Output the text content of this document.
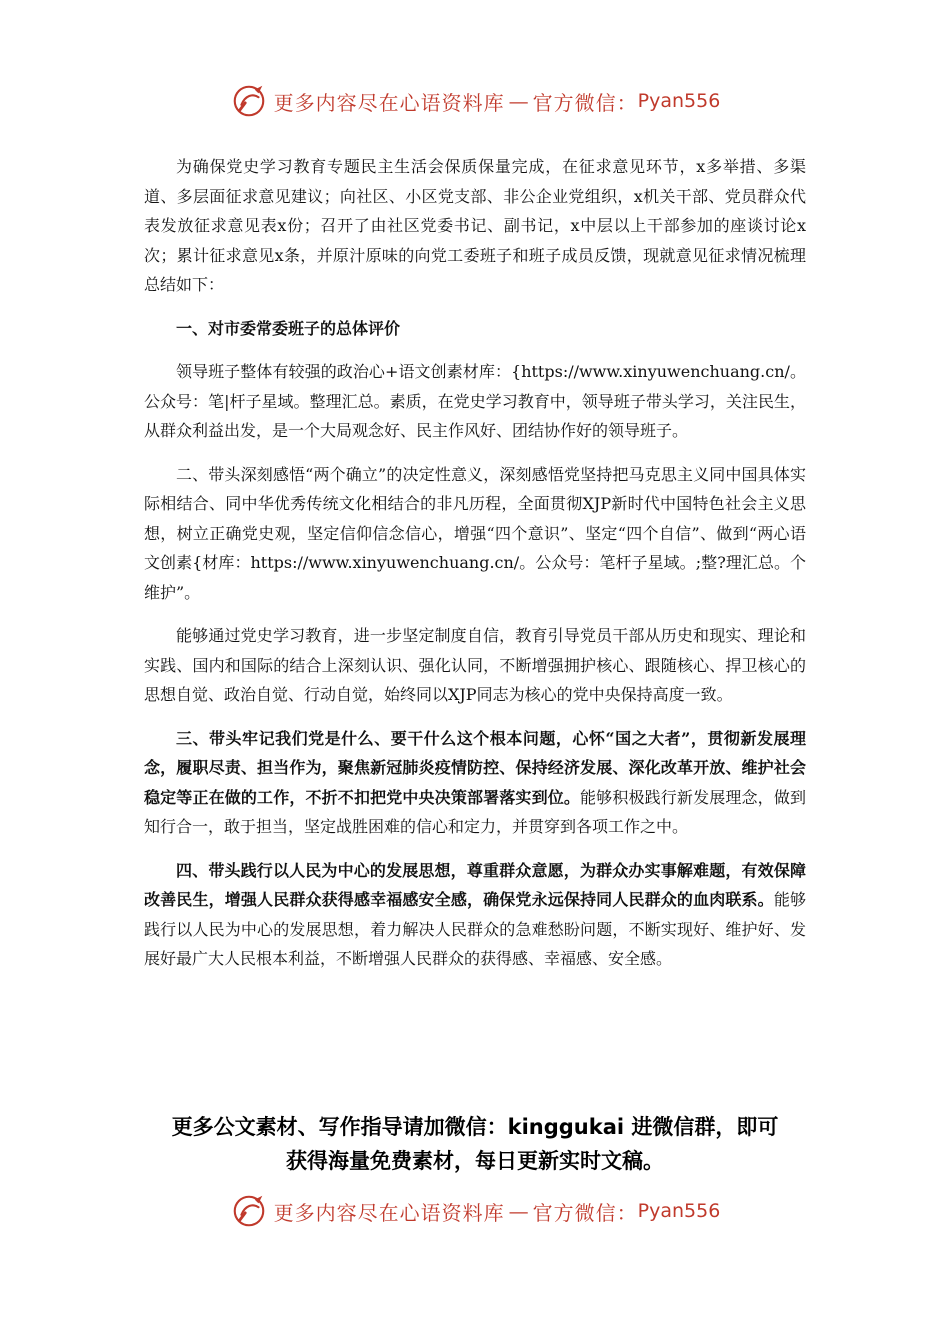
更多内容尽在心语资料库 — 官方微信： Pyan556

为确保党史学习教育专题民主生活会保质保量完成，在征求意见环节，x多举措、多渠道、多层面征求意见建议；向社区、小区党支部、非公企业党组织，x机关干部、党员群众代表发放征求意见表x份；召开了由社区党委书记、副书记，x中层以上干部参加的座谈讨论x次；累计征求意见x条，并原汁原味的向党工委班子和班子成员反馈，现就意见征求情况梳理总结如下：

一、对市委常委班子的总体评价

领导班子整体有较强的政治心+语文创素材库：{https://www.xinyuwenchuang.cn/。公众号：笔|杆子星域。整理汇总。素质，在党史学习教育中，领导班子带头学习，关注民生，从群众利益出发，是一个大局观念好、民主作风好、团结协作好的领导班子。

二、带头深刻感悟“两个确立”的决定性意义，深刻感悟党坚持把马克思主义同中国具体实际相结合、同中华优秀传统文化相结合的非凡历程，全面贯彻XJP新时代中国特色社会主义思想，树立正确党史观，坚定信仰信念信心，增强“四个意识”、坚定“四个自信”、做到“两心语文创素{材库：https://www.xinyuwenchuang.cn/。公众号：笔杆子星域。;整?理汇总。个维护”。

能够通过党史学习教育，进一步坚定制度自信，教育引导党员干部从历史和现实、理论和实践、国内和国际的结合上深刻认识、强化认同，不断增强拥护核心、跟随核心、捍卫核心的思想自觉、政治自觉、行动自觉，始终同以XJP同志为核心的党中央保持高度一致。

三、带头牢记我们党是什么、要干什么这个根本问题，心怀“国之大者”，贯彻新发展理念，履职尽责、担当作为，聚焦新冠肺炎疫情防控、保持经济发展、深化改革开放、维护社会稳定等正在做的工作，不折不扣把党中央决策部署落实到位。能够积极践行新发展理念，做到知行合一，敢于担当，坚定战胜困难的信心和定力，并贯穿到各项工作之中。

四、带头践行以人民为中心的发展思想，尊重群众意愿，为群众办实事解难题，有效保障改善民生，增强人民群众获得感幸福感安全感，确保党永远保持同人民群众的血肉联系。能够践行以人民为中心的发展思想，着力解决人民群众的急难愁盼问题，不断实现好、维护好、发展好最广大人民根本利益，不断增强人民群众的获得感、幸福感、安全感。

更多公文素材、写作指导请加微信：kinggukai 进微信群，即可
获得海量免费素材，每日更新实时文稿。
更多内容尽在心语资料库 — 官方微信： Pyan556
